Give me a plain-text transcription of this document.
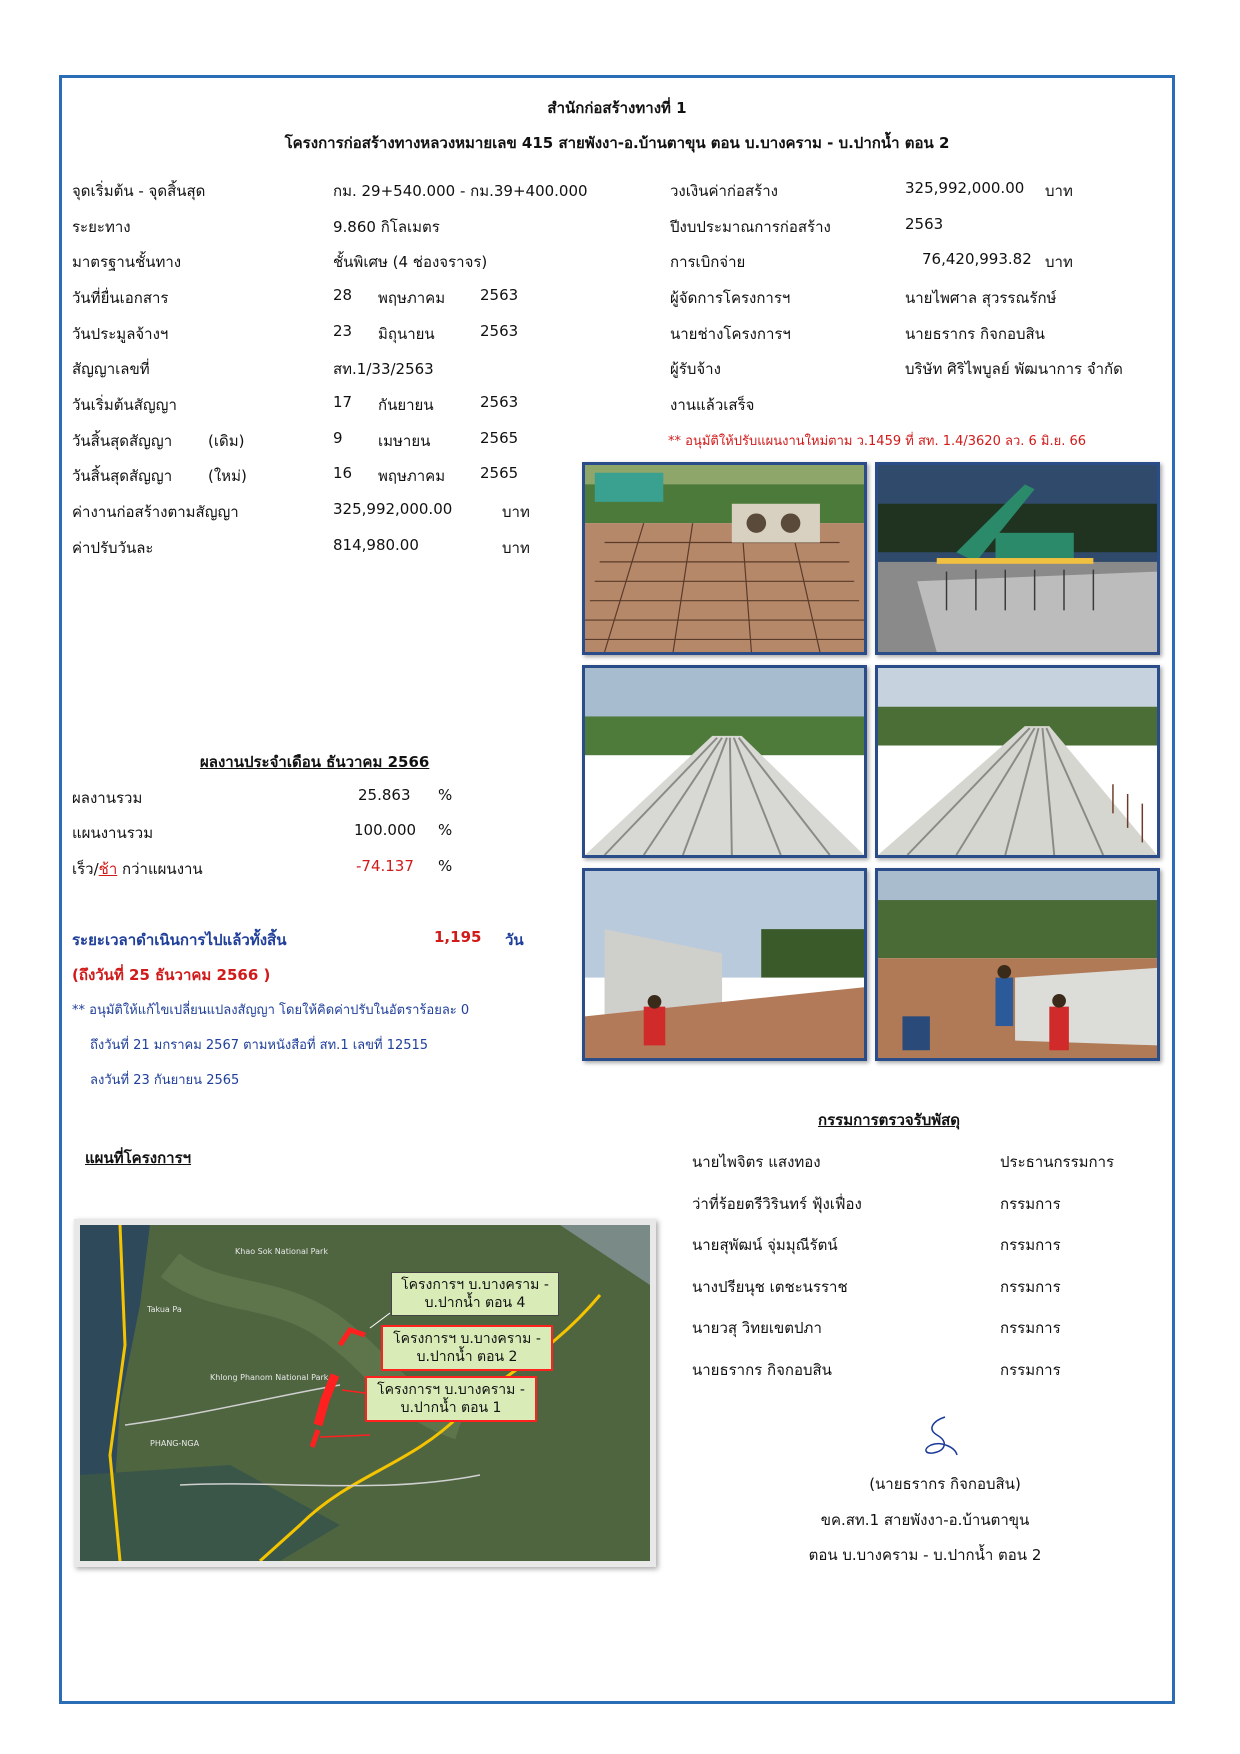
สำนักก่อสร้างทางที่ 1
โครงการก่อสร้างทางหลวงหมายเลข 415 สายพังงา-อ.บ้านตาขุน ตอน บ.บางคราม - บ.ปากน้ำ ตอน 2
จุดเริ่มต้น - จุดสิ้นสุด	กม. 29+540.000 - กม.39+400.000
ระยะทาง	9.860 กิโลเมตร
มาตรฐานชั้นทาง	ชั้นพิเศษ (4 ช่องจราจร)
วันที่ยื่นเอกสาร	28 พฤษภาคม 2563
วันประมูลจ้างฯ	23 มิถุนายน	2563
สัญญาเลขที่	สท.1/33/2563
วันเริ่มต้นสัญญา	17 กันยายน	2563
วันสิ้นสุดสัญญา (เดิม)	9 เมษายน	2565
วันสิ้นสุดสัญญา (ใหม่)	16 พฤษภาคม 2565
ค่างานก่อสร้างตามสัญญา	325,992,000.00	บาท
ค่าปรับวันละ	814,980.00	บาท
วงเงินค่าก่อสร้าง	325,992,000.00 บาท
ปีงบประมาณการก่อสร้าง	2563
การเบิกจ่าย	76,420,993.82 บาท
ผู้จัดการโครงการฯ	นายไพศาล สุวรรณรักษ์
นายช่างโครงการฯ	นายธรากร กิจกอบสิน
ผู้รับจ้าง	บริษัท ศิริไพบูลย์ พัฒนาการ จำกัด
งานแล้วเสร็จ
** อนุมัติให้ปรับแผนงานใหม่ตาม ว.1459 ที่ สท. 1.4/3620 ลว. 6 มิ.ย. 66
ผลงานประจำเดือน ธันวาคม 2566
ผลงานรวม	25.863 %
แผนงานรวม	100.000 %
เร็ว/ช้า กว่าแผนงาน	-74.137 %
ระยะเวลาดำเนินการไปแล้วทั้งสิ้น	1,195 วัน
(ถึงวันที่ 25 ธันวาคม 2566 )
** อนุมัติให้แก้ไขเปลี่ยนแปลงสัญญา โดยให้คิดค่าปรับในอัตราร้อยละ 0
ถึงวันที่ 21 มกราคม 2567 ตามหนังสือที่ สท.1 เลขที่ 12515
ลงวันที่ 23 กันยายน 2565
แผนที่โครงการฯ
Khao Sok National Park
Khlong Phanom National Park
PHANG-NGA
Takua Pa
โครงการฯ บ.บางคราม - บ.ปากน้ำ ตอน 4
โครงการฯ บ.บางคราม - บ.ปากน้ำ ตอน 2
โครงการฯ บ.บางคราม - บ.ปากน้ำ ตอน 1
กรรมการตรวจรับพัสดุ
นายไพจิตร แสงทอง	ประธานกรรมการ
ว่าที่ร้อยตรีวิรินทร์ ฟุ้งเฟื่อง	กรรมการ
นายสุพัฒน์ จุ่มมุณีรัตน์	กรรมการ
นางปรียนุช เตชะนรราช	กรรมการ
นายวสุ วิทยเขตปภา	กรรมการ
นายธรากร กิจกอบสิน	กรรมการ
(นายธรากร กิจกอบสิน)
ขค.สท.1 สายพังงา-อ.บ้านตาขุน
ตอน บ.บางคราม - บ.ปากน้ำ ตอน 2
